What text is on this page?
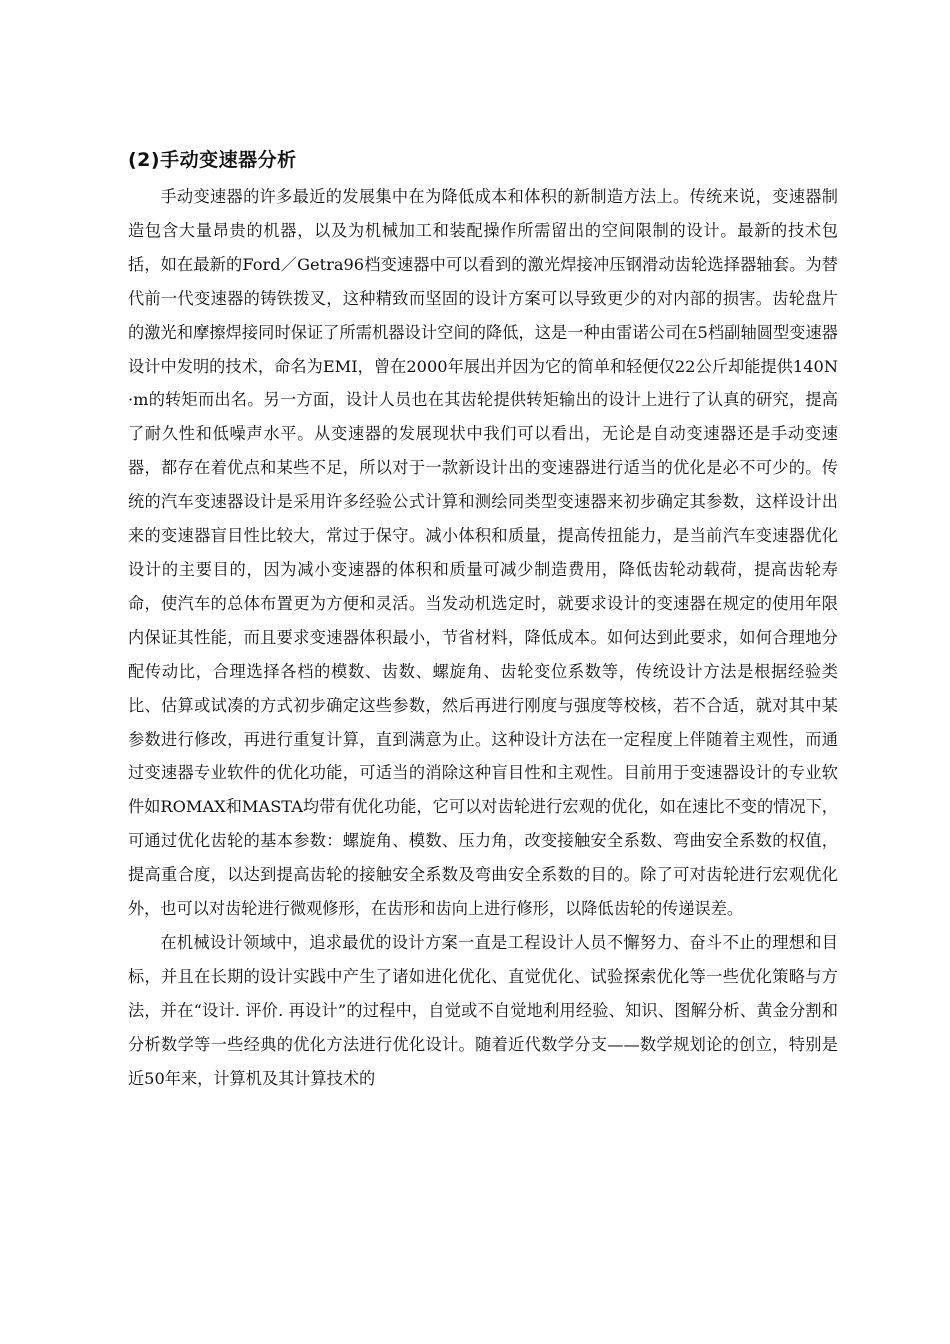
(2)手动变速器分析

手动变速器的许多最近的发展集中在为降低成本和体积的新制造方法上。传统来说，变速器制造包含大量昂贵的机器，以及为机械加工和装配操作所需留出的空间限制的设计。最新的技术包括，如在最新的Ford／Getra96档变速器中可以看到的激光焊接冲压钢滑动齿轮选择器轴套。为替代前一代变速器的铸铁拨叉，这种精致而坚固的设计方案可以导致更少的对内部的损害。齿轮盘片的激光和摩擦焊接同时保证了所需机器设计空间的降低，这是一种由雷诺公司在5档副轴圆型变速器设计中发明的技术，命名为EMI，曾在2000年展出并因为它的简单和轻便仅22公斤却能提供140N·m的转矩而出名。另一方面，设计人员也在其齿轮提供转矩输出的设计上进行了认真的研究，提高了耐久性和低噪声水平。从变速器的发展现状中我们可以看出，无论是自动变速器还是手动变速器，都存在着优点和某些不足，所以对于一款新设计出的变速器进行适当的优化是必不可少的。传统的汽车变速器设计是采用许多经验公式计算和测绘同类型变速器来初步确定其参数，这样设计出来的变速器盲目性比较大，常过于保守。减小体积和质量，提高传扭能力，是当前汽车变速器优化设计的主要目的，因为减小变速器的体积和质量可减少制造费用，降低齿轮动载荷，提高齿轮寿命，使汽车的总体布置更为方便和灵活。当发动机选定时，就要求设计的变速器在规定的使用年限内保证其性能，而且要求变速器体积最小，节省材料，降低成本。如何达到此要求，如何合理地分配传动比，合理选择各档的模数、齿数、螺旋角、齿轮变位系数等，传统设计方法是根据经验类比、估算或试凑的方式初步确定这些参数，然后再进行刚度与强度等校核，若不合适，就对其中某参数进行修改，再进行重复计算，直到满意为止。这种设计方法在一定程度上伴随着主观性，而通过变速器专业软件的优化功能，可适当的消除这种盲目性和主观性。目前用于变速器设计的专业软件如ROMAX和MASTA均带有优化功能，它可以对齿轮进行宏观的优化，如在速比不变的情况下，可通过优化齿轮的基本参数：螺旋角、模数、压力角，改变接触安全系数、弯曲安全系数的权值，提高重合度，以达到提高齿轮的接触安全系数及弯曲安全系数的目的。除了可对齿轮进行宏观优化外，也可以对齿轮进行微观修形，在齿形和齿向上进行修形，以降低齿轮的传递误差。

在机械设计领域中，追求最优的设计方案一直是工程设计人员不懈努力、奋斗不止的理想和目标，并且在长期的设计实践中产生了诸如进化优化、直觉优化、试验探索优化等一些优化策略与方法，并在“设计. 评价. 再设计”的过程中，自觉或不自觉地利用经验、知识、图解分析、黄金分割和分析数学等一些经典的优化方法进行优化设计。随着近代数学分支——数学规划论的创立，特别是近50年来，计算机及其计算技术的
